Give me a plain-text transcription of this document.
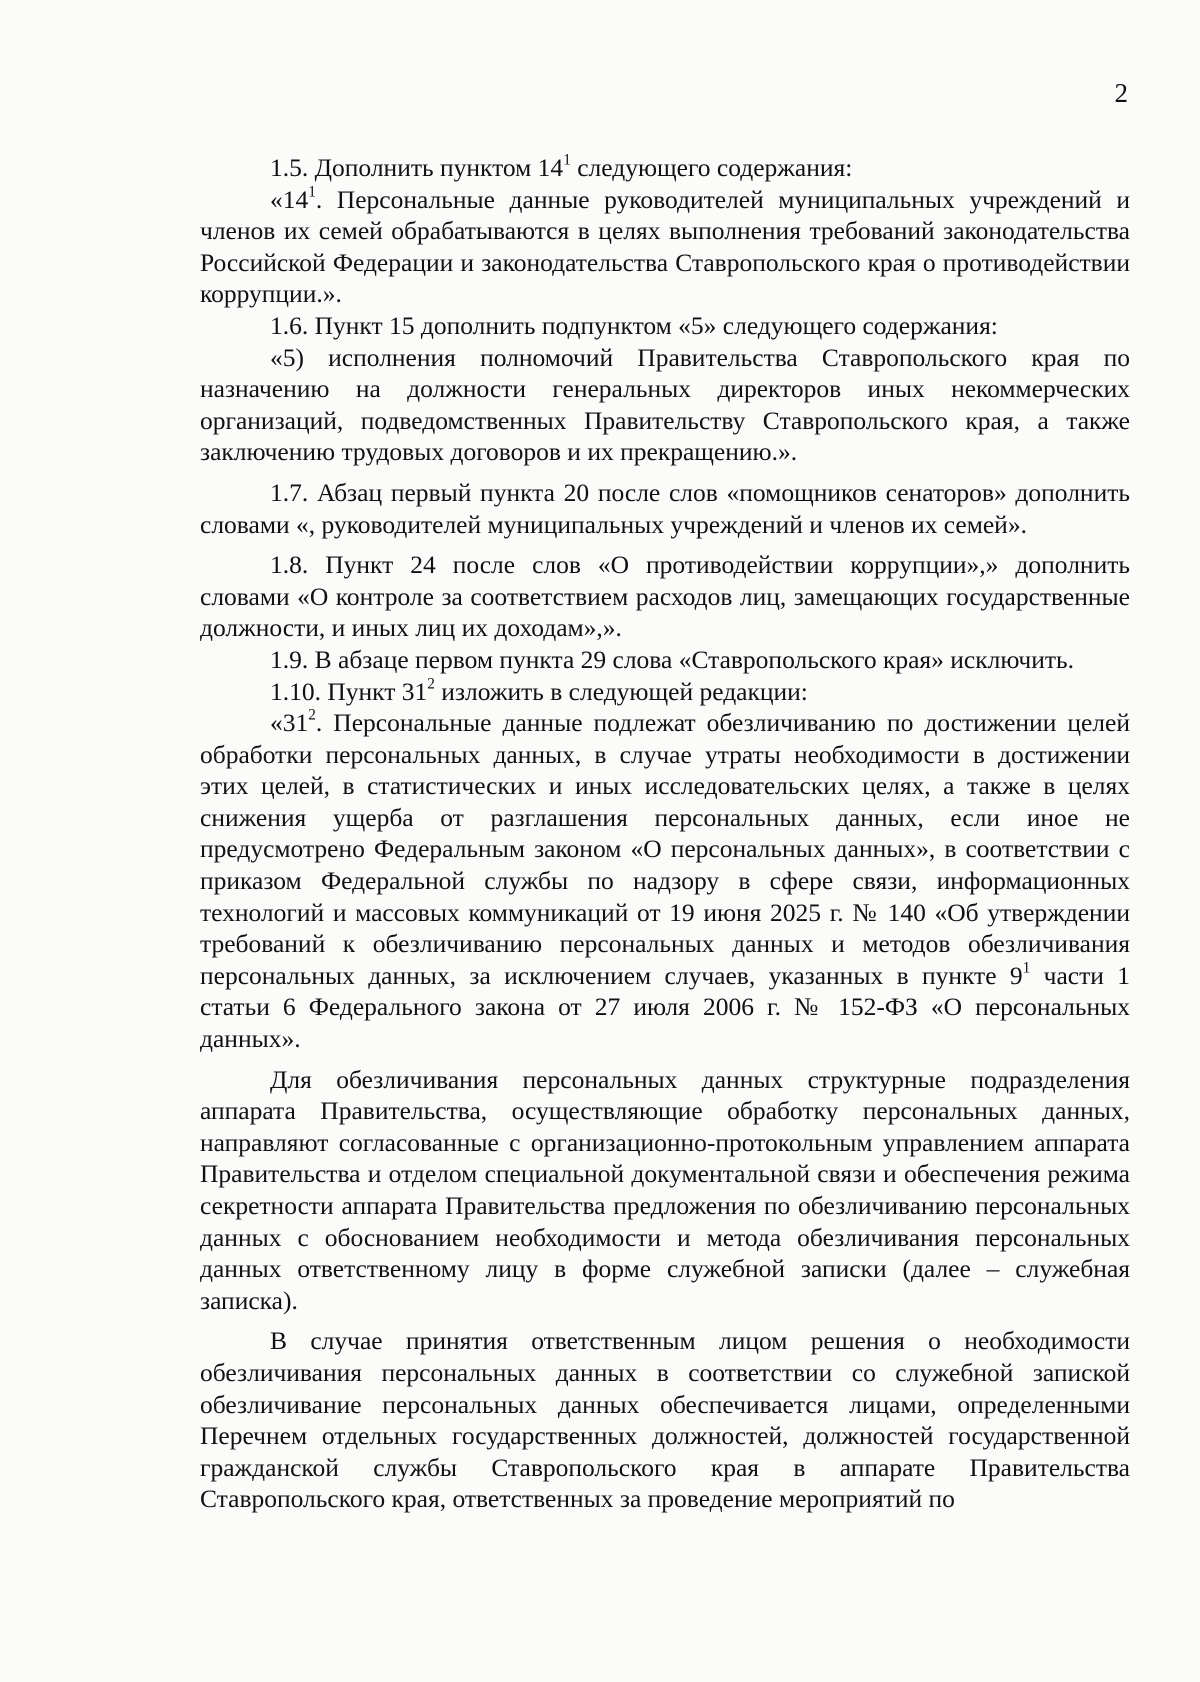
2

1.5. Дополнить пунктом $14^1$ следующего содержания:

«$14^1$. Персональные данные руководителей муниципальных учреждений и членов их семей обрабатываются в целях выполнения требований законодательства Российской Федерации и законодательства Ставропольского края о противодействии коррупции.».

1.6. Пункт 15 дополнить подпунктом «5» следующего содержания:

«5) исполнения полномочий Правительства Ставропольского края по назначению на должности генеральных директоров иных некоммерческих организаций, подведомственных Правительству Ставропольского края, а также заключению трудовых договоров и их прекращению.».

1.7. Абзац первый пункта 20 после слов «помощников сенаторов» дополнить словами «, руководителей муниципальных учреждений и членов их семей».

1.8. Пункт 24 после слов «О противодействии коррупции»,» дополнить словами «О контроле за соответствием расходов лиц, замещающих государственные должности, и иных лиц их доходам»,».

1.9. В абзаце первом пункта 29 слова «Ставропольского края» исключить.

1.10. Пункт $31^2$ изложить в следующей редакции:

«$31^2$. Персональные данные подлежат обезличиванию по достижении целей обработки персональных данных, в случае утраты необходимости в достижении этих целей, в статистических и иных исследовательских целях, а также в целях снижения ущерба от разглашения персональных данных, если иное не предусмотрено Федеральным законом «О персональных данных», в соответствии с приказом Федеральной службы по надзору в сфере связи, информационных технологий и массовых коммуникаций от 19 июня 2025 г. № 140 «Об утверждении требований к обезличиванию персональных данных и методов обезличивания персональных данных, за исключением случаев, указанных в пункте $9^1$ части 1 статьи 6 Федерального закона от 27 июля 2006 г. № 152-ФЗ «О персональных данных».

Для обезличивания персональных данных структурные подразделения аппарата Правительства, осуществляющие обработку персональных данных, направляют согласованные с организационно-протокольным управлением аппарата Правительства и отделом специальной документальной связи и обеспечения режима секретности аппарата Правительства предложения по обезличиванию персональных данных с обоснованием необходимости и метода обезличивания персональных данных ответственному лицу в форме служебной записки (далее – служебная записка).

В случае принятия ответственным лицом решения о необходимости обезличивания персональных данных в соответствии со служебной запиской обезличивание персональных данных обеспечивается лицами, определенными Перечнем отдельных государственных должностей, должностей государственной гражданской службы Ставропольского края в аппарате Правительства Ставропольского края, ответственных за проведение мероприятий по
